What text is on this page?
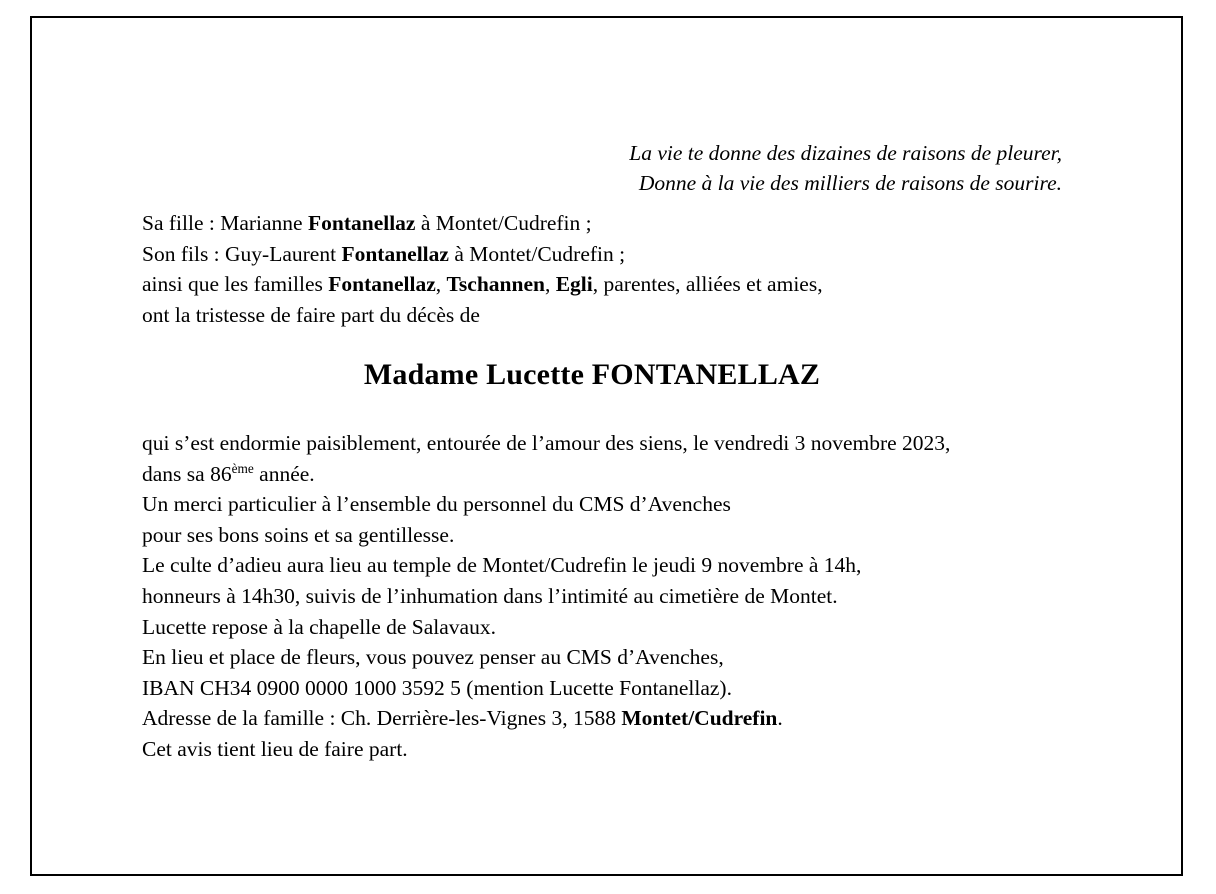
La vie te donne des dizaines de raisons de pleurer,
Donne à la vie des milliers de raisons de sourire.
Sa fille : Marianne Fontanellaz à Montet/Cudrefin ;
Son fils : Guy-Laurent Fontanellaz à Montet/Cudrefin ;
ainsi que les familles Fontanellaz, Tschannen, Egli, parentes, alliées et amies,
ont la tristesse de faire part du décès de
Madame Lucette FONTANELLAZ
qui s’est endormie paisiblement, entourée de l’amour des siens, le vendredi 3 novembre 2023,
dans sa 86ème année.
Un merci particulier à l’ensemble du personnel du CMS d’Avenches
pour ses bons soins et sa gentillesse.
Le culte d’adieu aura lieu au temple de Montet/Cudrefin le jeudi 9 novembre à 14h,
honneurs à 14h30, suivis de l’inhumation dans l’intimité au cimetière de Montet.
Lucette repose à la chapelle de Salavaux.
En lieu et place de fleurs, vous pouvez penser au CMS d’Avenches,
IBAN CH34 0900 0000 1000 3592 5 (mention Lucette Fontanellaz).
Adresse de la famille : Ch. Derrière-les-Vignes 3, 1588 Montet/Cudrefin.
Cet avis tient lieu de faire part.
